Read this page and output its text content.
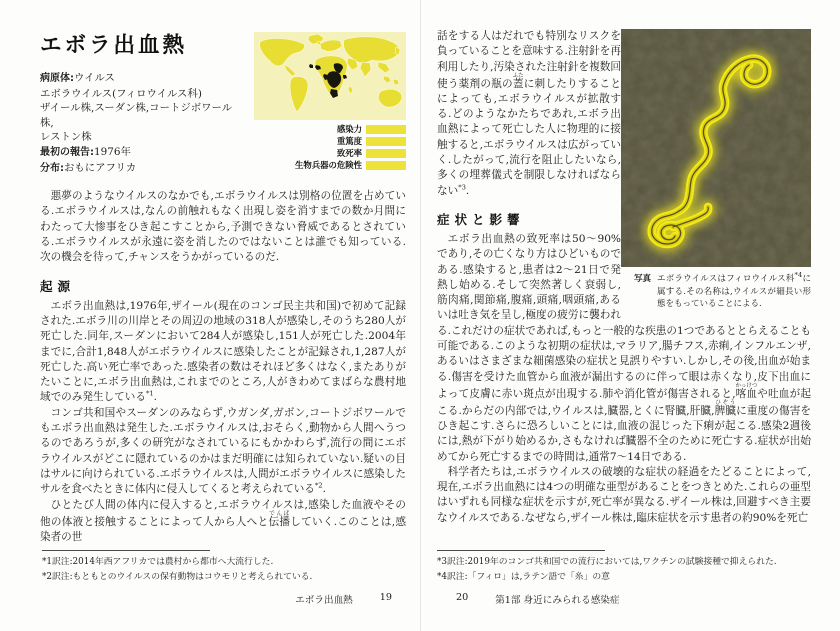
感染力
重篤度
致死率
生物兵器の危険性
エボラ出血熱
病原体:ウイルス
エボラウイルス(フィロウイルス科)
ザイール株,スーダン株,コートジボワール株,
レストン株
最初の報告:1976年
分布:おもにアフリカ

悪夢のようなウイルスのなかでも,エボラウイルスは別格の位置を占めている.エボラウイルスは,なんの前触れもなく出現し姿を消すまでの数か月間にわたって大惨事をひき起こすことから,予測できない脅威であるとされている.エボラウイルスが永遠に姿を消したのではないことは誰でも知っている.次の機会を待って,チャンスをうかがっているのだ.

起源

エボラ出血熱は,1976年,ザイール(現在のコンゴ民主共和国)で初めて記録された.エボラ川の川岸とその周辺の地域の318人が感染し,そのうち280人が死亡した.同年,スーダンにおいて284人が感染し,151人が死亡した.2004年までに,合計1,848人がエボラウイルスに感染したことが記録され,1,287人が死亡した.高い死亡率であった.感染者の数はそれほど多くはなく,またありがたいことに,エボラ出血熱は,これまでのところ,人がきわめてまばらな農村地域でのみ発生している$^{*1}$.

コンゴ共和国やスーダンのみならず,ウガンダ,ガボン,コートジボワールでもエボラ出血熱は発生した.エボラウイルスは,おそらく,動物から人間へうつるのであろうが,多くの研究がなされているにもかかわらず,流行の間にエボラウイルスがどこに隠れているのかはまだ明確には知られていない.疑いの目はサルに向けられている.エボラウイルスは,人間がエボラウイルスに感染したサルを食べたときに体内に侵入してくると考えられている$^{*2}$.

ひとたび人間の体内に侵入すると,エボラウイルスは,感染した血液やその他の体液と接触することによって人から人へと伝播でんぱしていく.このことは,感染者の世

*1訳注:2014年西アフリカでは農村から都市へ大流行した.
*2訳注:もともとのウイルスの保有動物はコウモリと考えられている.
エボラ出血熱	19
写真 エボラウイルスはフィロウイルス科$^{*4}$に属する.その名称は,ウイルスが細長い形態をもっていることによる.

話をする人はだれでも特別なリスクを負っていることを意味する.注射針を再利用したり,汚染された注射針を複数回使う薬剤の瓶の蓋ふたに刺したりすることによっても,エボラウイルスが拡散する.どのようなかたちであれ,エボラ出血熱によって死亡した人に物理的に接触すると,エボラウイルスは広がっていく.したがって,流行を阻止したいなら,多くの埋葬儀式を制限しなければならない$^{*3}$.

症状と影響

エボラ出血熱の致死率は50〜90%であり,その亡くなり方はひどいものである.感染すると,患者は2〜21日で発熱し始める.そして突然著しく衰弱し,筋肉痛,関節痛,腹痛,頭痛,咽頭痛,あるいは吐き気を呈し,極度の疲労に襲われる.これだけの症状であれば,もっと一般的な疾患の1つであるととらえることも可能である.このような初期の症状は,マラリア,腸チフス,赤痢,インフルエンザ,あるいはさまざまな細菌感染の症状と見誤りやすい.しかし,その後,出血が始まる.傷害を受けた血管から血液が漏出するのに伴って眼は赤くなり,皮下出血によって皮膚に赤い斑点が出現する.肺や消化管が傷害されると,喀血かっけつや吐血が起こる.からだの内部では,ウイルスは,臓器,とくに腎臓,肝臓,脾臓ひぞうに重度の傷害をひき起こす.さらに恐ろしいことには,血液の混じった下痢が起こる.感染2週後には,熱が下がり始めるか,さもなければ臓器不全のために死亡する.症状が出始めてから死亡するまでの時間は,通常7〜14日である.

科学者たちは,エボラウイルスの破壊的な症状の経過をたどることによって,現在,エボラ出血熱には4つの明確な亜型があることをつきとめた.これらの亜型はいずれも同様な症状を示すが,死亡率が異なる.ザイール株は,回避すべき主要なウイルスである.なぜなら,ザイール株は,臨床症状を示す患者の約90%を死亡

*3訳注:2019年のコンゴ共和国での流行においては,ワクチンの試験接種で抑えられた.
*4訳注:「フィロ」は,ラテン語で「糸」の意
20	第1部 身近にみられる感染症
